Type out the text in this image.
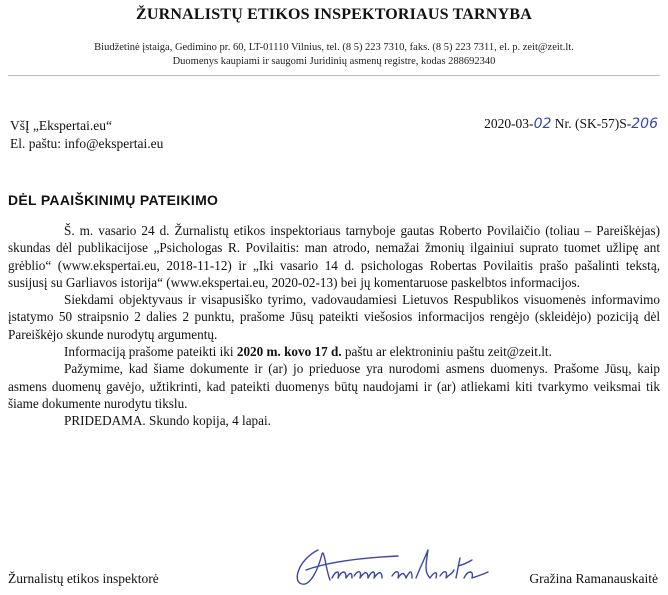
ŽURNALISTŲ ETIKOS INSPEKTORIAUS TARNYBA
Biudžetinė įstaiga, Gedimino pr. 60, LT-01110 Vilnius, tel. (8 5) 223 7310, faks. (8 5) 223 7311, el. p. zeit@zeit.lt.
Duomenys kaupiami ir saugomi Juridinių asmenų registre, kodas 288692340
VšĮ „Ekspertai.eu“
El. paštu: info@ekspertai.eu
2020-03-02 Nr. (SK-57)S-206
DĖL PAAIŠKINIMŲ PATEIKIMO

Š. m. vasario 24 d. Žurnalistų etikos inspektoriaus tarnyboje gautas Roberto Povilaičio (toliau – Pareiškėjas) skundas dėl publikacijose „Psichologas R. Povilaitis: man atrodo, nemažai žmonių ilgainiui suprato tuomet užlipę ant grėblio“ (www.ekspertai.eu, 2018-11-12) ir „Iki vasario 14 d. psichologas Robertas Povilaitis prašo pašalinti tekstą, susijusį su Garliavos istorija“ (www.ekspertai.eu, 2020-02-13) bei jų komentaruose paskelbtos informacijos.

Siekdami objektyvaus ir visapusiško tyrimo, vadovaudamiesi Lietuvos Respublikos visuomenės informavimo įstatymo 50 straipsnio 2 dalies 2 punktu, prašome Jūsų pateikti viešosios informacijos rengėjo (skleidėjo) poziciją dėl Pareiškėjo skunde nurodytų argumentų.

Informaciją prašome pateikti iki 2020 m. kovo 17 d. paštu ar elektroniniu paštu zeit@zeit.lt.

Pažymime, kad šiame dokumente ir (ar) jo prieduose yra nurodomi asmens duomenys. Prašome Jūsų, kaip asmens duomenų gavėjo, užtikrinti, kad pateikti duomenys būtų naudojami ir (ar) atliekami kiti tvarkymo veiksmai tik šiame dokumente nurodytu tikslu.

PRIDEDAMA. Skundo kopija, 4 lapai.

Žurnalistų etikos inspektorė	Gražina Ramanauskaitė
